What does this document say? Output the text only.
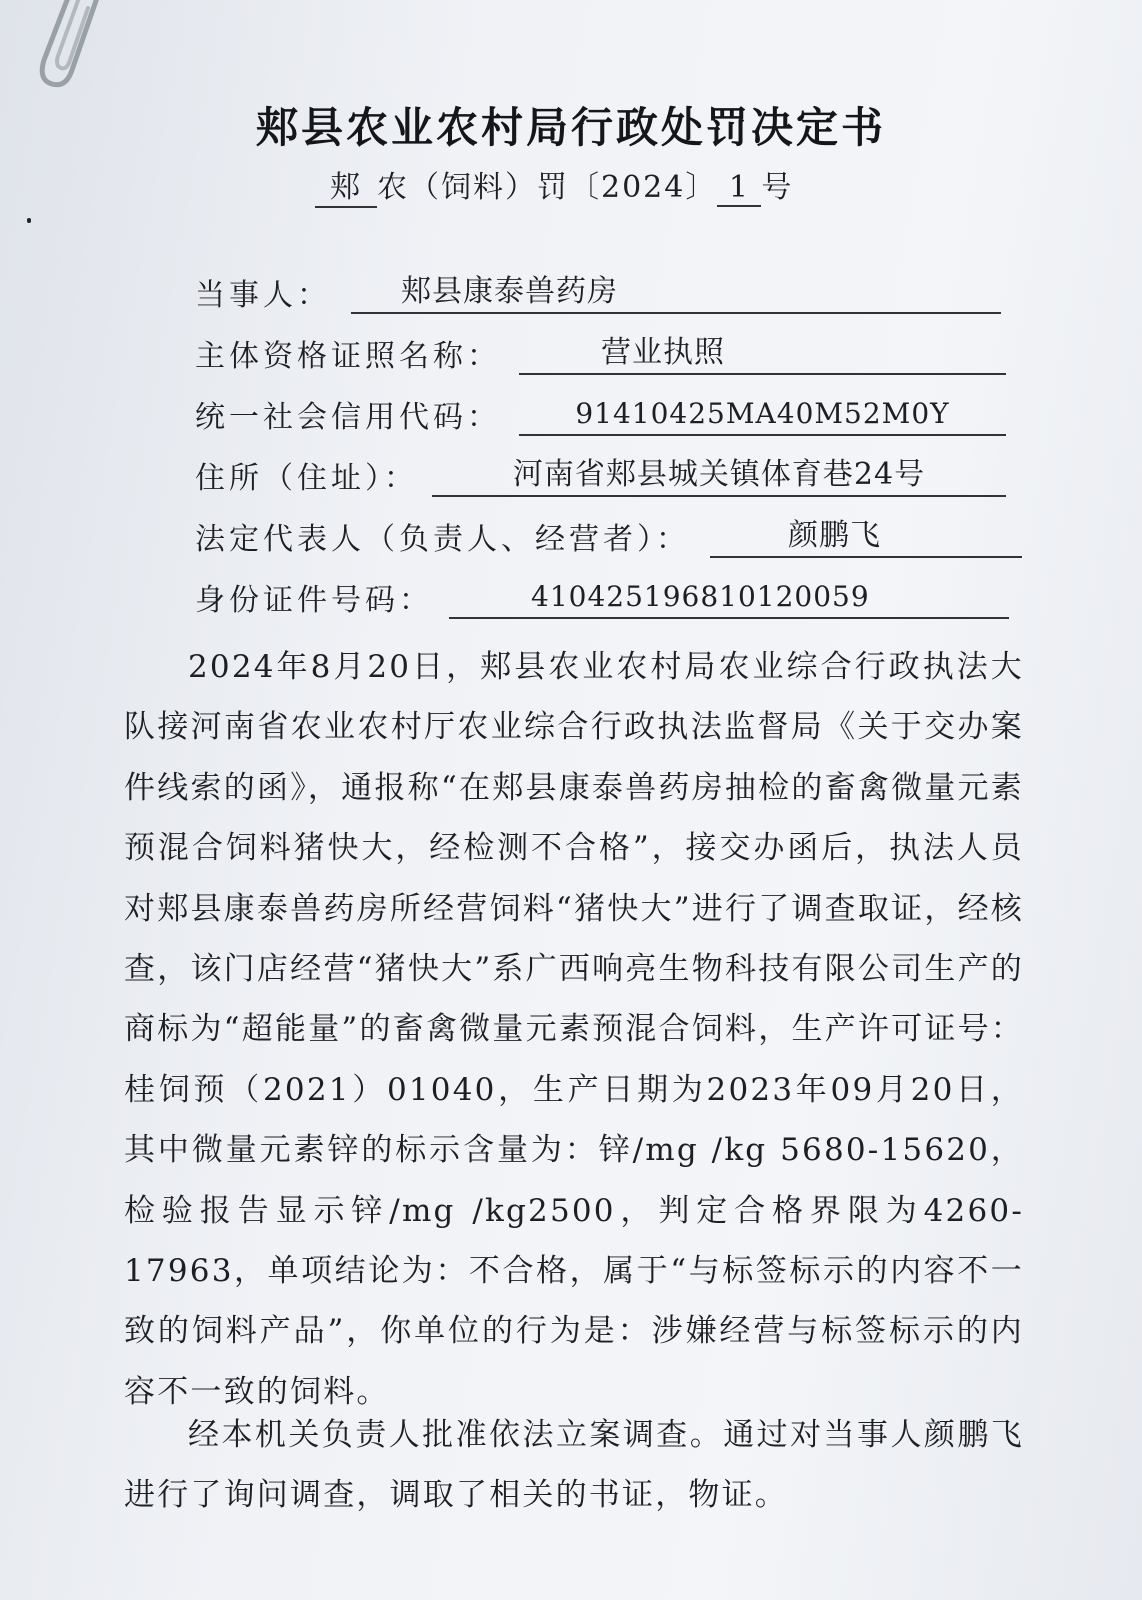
郏县农业农村局行政处罚决定书
郏 农（饲料）罚〔2024〕 1 号
当事人：	郏县康泰兽药房
主体资格证照名称：	营业执照
统一社会信用代码：	91410425MA40M52M0Y
住所（住址）：	河南省郏县城关镇体育巷24号
法定代表人（负责人、经营者）：	颜鹏飞
身份证件号码：	410425196810120059

2024年8月20日，郏县农业农村局农业综合行政执法大队接河南省农业农村厅农业综合行政执法监督局《关于交办案件线索的函》，通报称“在郏县康泰兽药房抽检的畜禽微量元素预混合饲料猪快大，经检测不合格”，接交办函后，执法人员对郏县康泰兽药房所经营饲料“猪快大”进行了调查取证，经核查，该门店经营“猪快大”系广西响亮生物科技有限公司生产的商标为“超能量”的畜禽微量元素预混合饲料，生产许可证号：桂饲预（2021）01040，生产日期为2023年09月20日，其中微量元素锌的标示含量为：锌/mg /kg 5680-15620，检验报告显示锌/mg /kg2500，判定合格界限为4260-17963，单项结论为：不合格，属于“与标签标示的内容不一致的饲料产品”，你单位的行为是：涉嫌经营与标签标示的内容不一致的饲料。

经本机关负责人批准依法立案调查。通过对当事人颜鹏飞进行了询问调查，调取了相关的书证，物证。
